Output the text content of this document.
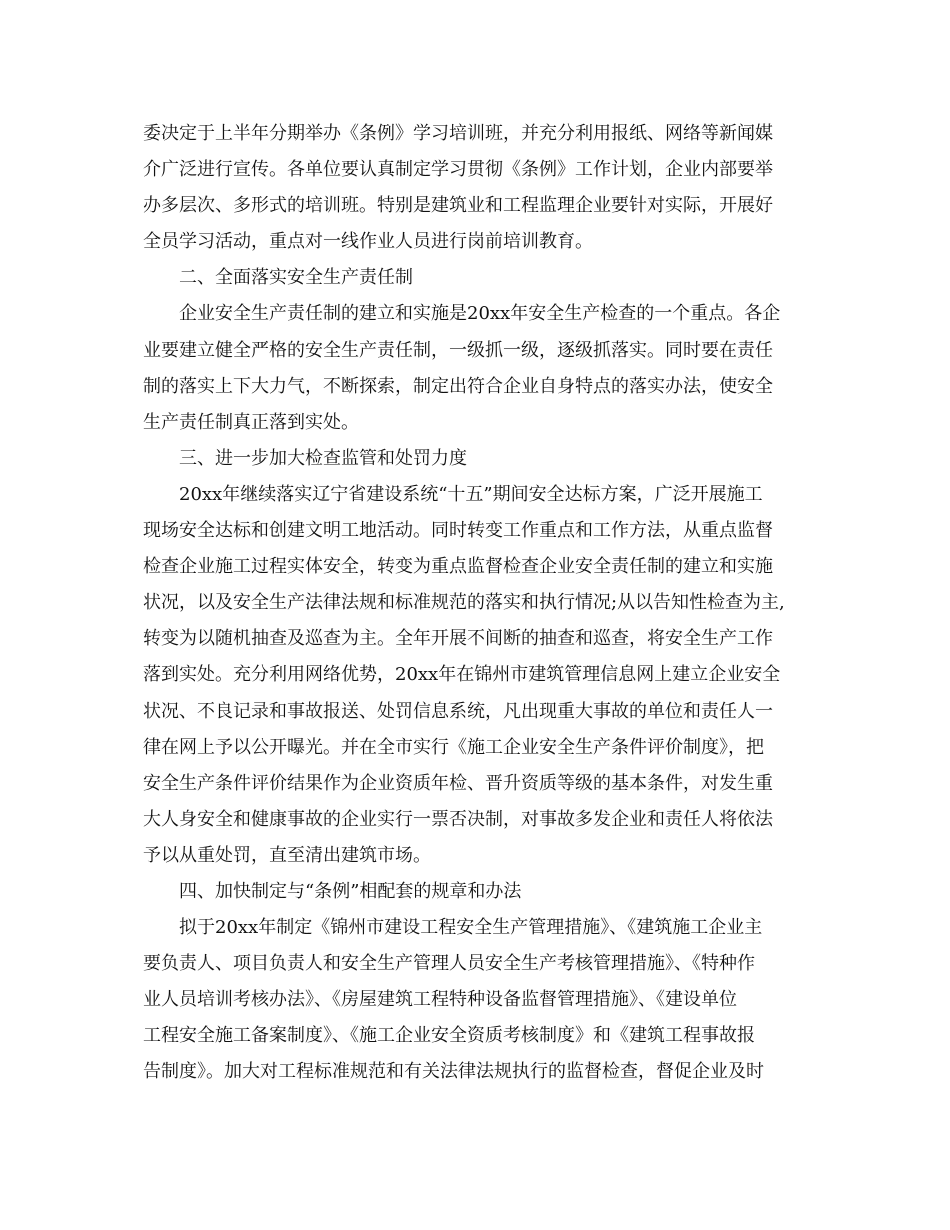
委决定于上半年分期举办《条例》学习培训班，并充分利用报纸、网络等新闻媒
介广泛进行宣传。各单位要认真制定学习贯彻《条例》工作计划，企业内部要举
办多层次、多形式的培训班。特别是建筑业和工程监理企业要针对实际，开展好
全员学习活动，重点对一线作业人员进行岗前培训教育。
二、全面落实安全生产责任制
企业安全生产责任制的建立和实施是20xx年安全生产检查的一个重点。各企
业要建立健全严格的安全生产责任制，一级抓一级，逐级抓落实。同时要在责任
制的落实上下大力气，不断探索，制定出符合企业自身特点的落实办法，使安全
生产责任制真正落到实处。
三、进一步加大检查监管和处罚力度
20xx年继续落实辽宁省建设系统“十五”期间安全达标方案，广泛开展施工
现场安全达标和创建文明工地活动。同时转变工作重点和工作方法，从重点监督
检查企业施工过程实体安全，转变为重点监督检查企业安全责任制的建立和实施
状况，以及安全生产法律法规和标准规范的落实和执行情况;从以告知性检查为主,
转变为以随机抽查及巡查为主。全年开展不间断的抽查和巡查，将安全生产工作
落到实处。充分利用网络优势，20xx年在锦州市建筑管理信息网上建立企业安全
状况、不良记录和事故报送、处罚信息系统，凡出现重大事故的单位和责任人一
律在网上予以公开曝光。并在全市实行《施工企业安全生产条件评价制度》，把
安全生产条件评价结果作为企业资质年检、晋升资质等级的基本条件，对发生重
大人身安全和健康事故的企业实行一票否决制，对事故多发企业和责任人将依法
予以从重处罚，直至清出建筑市场。
四、加快制定与“条例”相配套的规章和办法
拟于20xx年制定《锦州市建设工程安全生产管理措施》、《建筑施工企业主
要负责人、项目负责人和安全生产管理人员安全生产考核管理措施》、《特种作
业人员培训考核办法》、《房屋建筑工程特种设备监督管理措施》、《建设单位
工程安全施工备案制度》、《施工企业安全资质考核制度》和《建筑工程事故报
告制度》。加大对工程标准规范和有关法律法规执行的监督检查，督促企业及时
